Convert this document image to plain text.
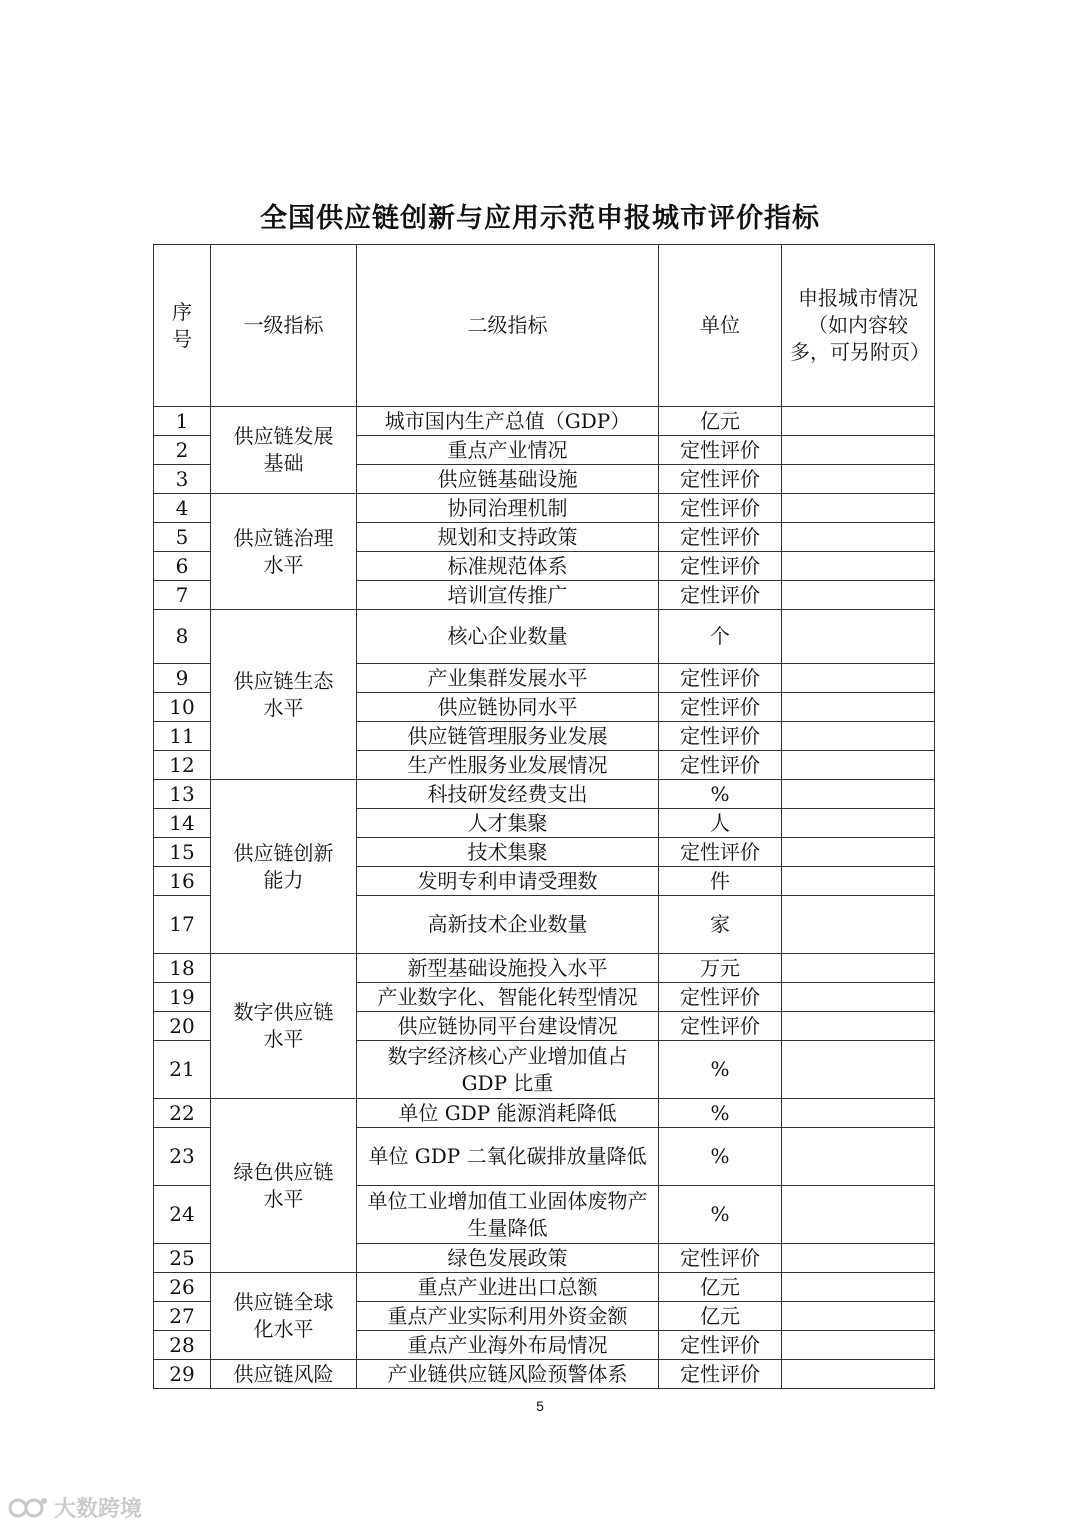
全国供应链创新与应用示范申报城市评价指标
序号	一级指标	二级指标	单位	申报城市情况（如内容较多，可另附页）
1	供应链发展基础	城市国内生产总值（GDP）	亿元	
2		重点产业情况	定性评价	
3		供应链基础设施	定性评价	
4	供应链治理水平	协同治理机制	定性评价	
5		规划和支持政策	定性评价	
6		标准规范体系	定性评价	
7		培训宣传推广	定性评价	
8	供应链生态水平	核心企业数量	个	
9		产业集群发展水平	定性评价	
10		供应链协同水平	定性评价	
11		供应链管理服务业发展	定性评价	
12		生产性服务业发展情况	定性评价	
13	供应链创新能力	科技研发经费支出	%	
14		人才集聚	人	
15		技术集聚	定性评价	
16		发明专利申请受理数	件	
17		高新技术企业数量	家	
18	数字供应链水平	新型基础设施投入水平	万元	
19		产业数字化、智能化转型情况	定性评价	
20		供应链协同平台建设情况	定性评价	
21		数字经济核心产业增加值占GDP 比重	%	
22	绿色供应链水平	单位 GDP 能源消耗降低	%	
23		单位 GDP 二氧化碳排放量降低	%	
24		单位工业增加值工业固体废物产生量降低	%	
25		绿色发展政策	定性评价	
26	供应链全球化水平	重点产业进出口总额	亿元	
27		重点产业实际利用外资金额	亿元	
28		重点产业海外布局情况	定性评价	
29	供应链风险	产业链供应链风险预警体系	定性评价	
5
大数跨境
